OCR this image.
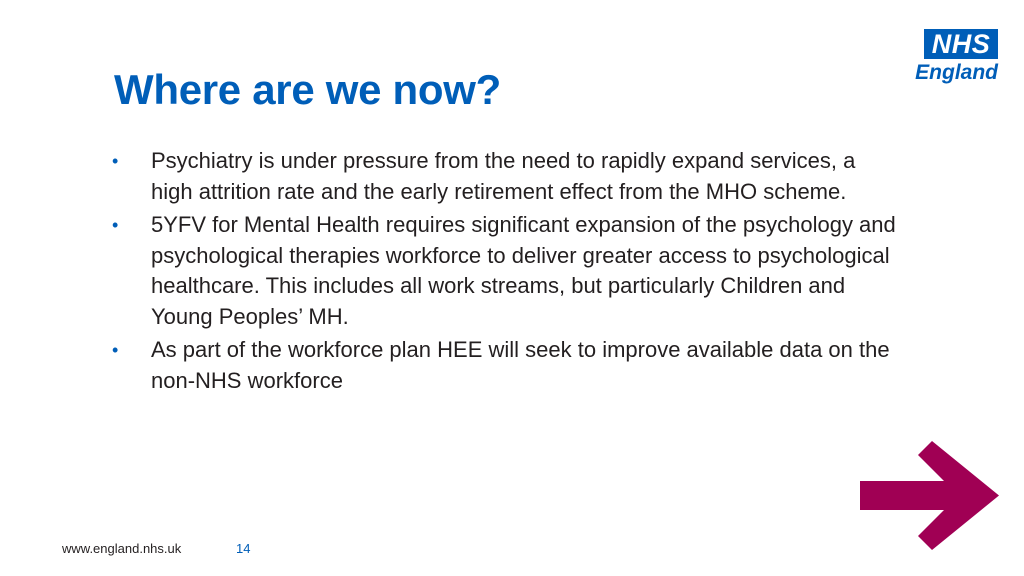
Where are we now?
NHS
England
• Psychiatry is under pressure from the need to rapidly expand services, a high attrition rate and the early retirement effect from the MHO scheme.
• 5YFV for Mental Health requires significant expansion of the psychology and psychological therapies workforce to deliver greater access to psychological healthcare. This includes all work streams, but particularly Children and Young Peoples’ MH.
• As part of the workforce plan HEE will seek to improve available data on the non-NHS workforce
www.england.nhs.uk	14
